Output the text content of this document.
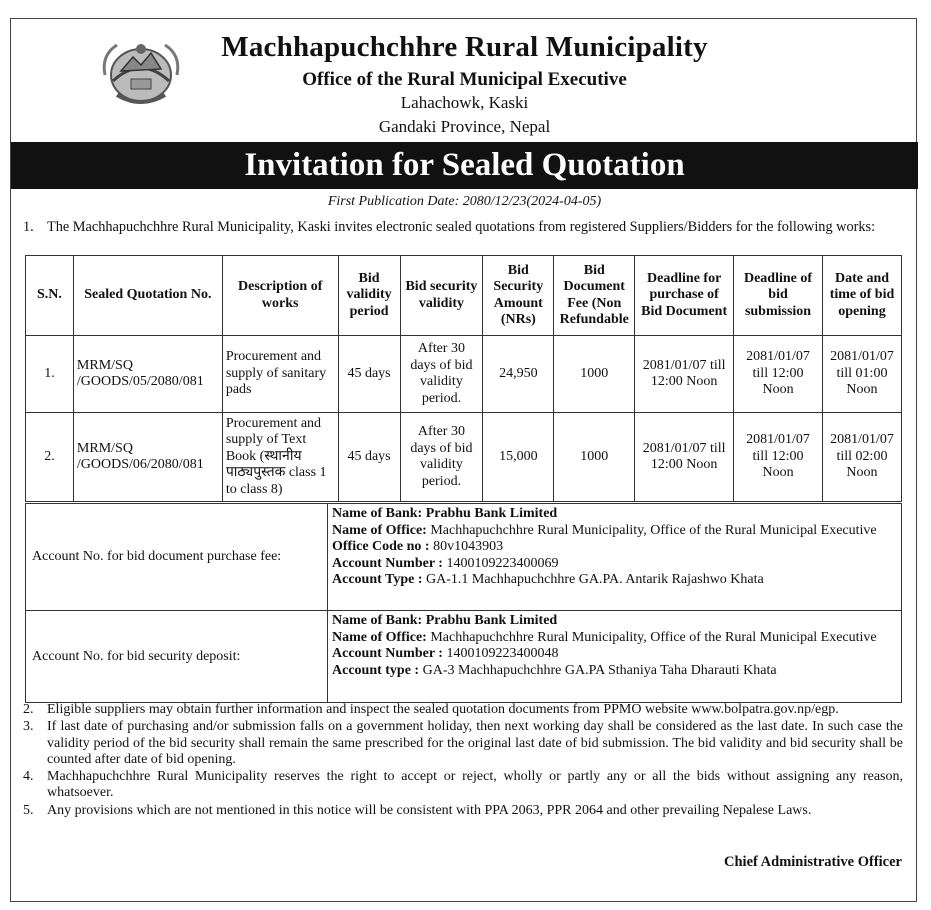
Machhapuchchhre Rural Municipality
Office of the Rural Municipal Executive
Lahachowk, Kaski
Gandaki Province, Nepal
Invitation for Sealed Quotation
First Publication Date: 2080/12/23(2024-04-05)
1. The Machhapuchchhre Rural Municipality, Kaski invites electronic sealed quotations from registered Suppliers/Bidders for the following works:
S.N.	Sealed Quotation No.	Description of works	Bid validity period	Bid security validity	Bid Security Amount (NRs)	Bid Document Fee (Non Refundable	Deadline for purchase of Bid Document	Deadline of bid submission	Date and time of bid opening
1.	MRM/SQ /GOODS/05/2080/081	Procurement and supply of sanitary pads	45 days	After 30 days of bid validity period.	24,950	1000	2081/01/07 till 12:00 Noon	2081/01/07 till 12:00 Noon	2081/01/07 till 01:00 Noon
2.	MRM/SQ /GOODS/06/2080/081	Procurement and supply of Text Book (स्थानीय पाठ्यपुस्तक class 1 to class 8)	45 days	After 30 days of bid validity period.	15,000	1000	2081/01/07 till 12:00 Noon	2081/01/07 till 12:00 Noon	2081/01/07 till 02:00 Noon
Account No. for bid document purchase fee:
Name of Bank: Prabhu Bank Limited
Name of Office: Machhapuchchhre Rural Municipality, Office of the Rural Municipal Executive
Office Code no : 80v1043903
Account Number : 1400109223400069
Account Type : GA-1.1 Machhapuchchhre GA.PA. Antarik Rajashwo Khata
Account No. for bid security deposit:
Name of Bank: Prabhu Bank Limited
Name of Office: Machhapuchchhre Rural Municipality, Office of the Rural Municipal Executive
Account Number : 1400109223400048
Account type : GA-3 Machhapuchchhre GA.PA Sthaniya Taha Dharauti Khata
2. Eligible suppliers may obtain further information and inspect the sealed quotation documents from PPMO website www.bolpatra.gov.np/egp.
3. If last date of purchasing and/or submission falls on a government holiday, then next working day shall be considered as the last date. In such case the validity period of the bid security shall remain the same prescribed for the original last date of bid submission. The bid validity and bid security shall be counted after date of bid opening.
4. Machhapuchchhre Rural Municipality reserves the right to accept or reject, wholly or partly any or all the bids without assigning any reason, whatsoever.
5. Any provisions which are not mentioned in this notice will be consistent with PPA 2063, PPR 2064 and other prevailing Nepalese Laws.
Chief Administrative Officer
